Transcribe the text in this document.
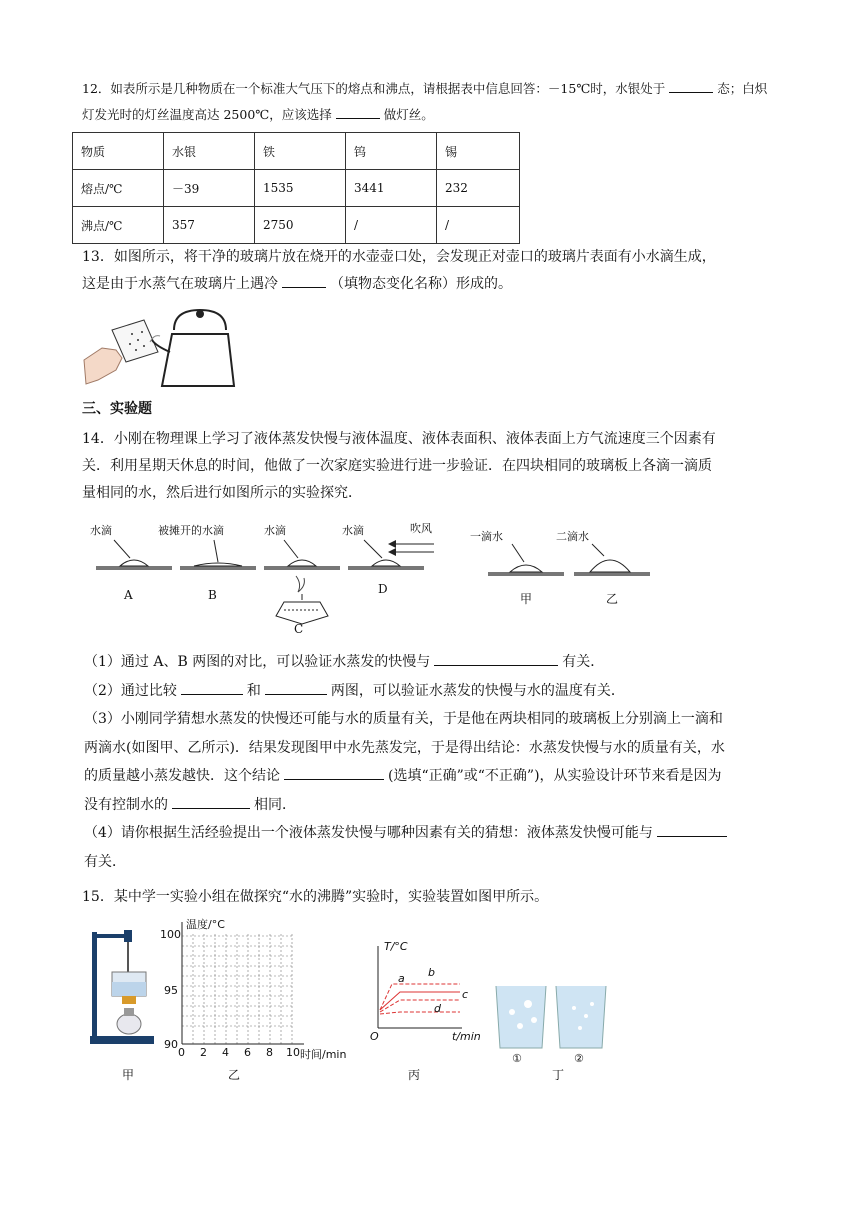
12．如表所示是几种物质在一个标准大气压下的熔点和沸点，请根据表中信息回答：－15℃时，水银处于	态；白炽
灯发光时的灯丝温度高达 2500℃，应该选择	做灯丝。
物质	水银	铁	钨	锡
熔点/℃	－39	1535	3441	232
沸点/℃	357	2750	/	/
13．如图所示，将干净的玻璃片放在烧开的水壶壶口处，会发现正对壶口的玻璃片表面有小水滴生成，
这是由于水蒸气在玻璃片上遇冷	（填物态变化名称）形成的。
三、实验题
14．小刚在物理课上学习了液体蒸发快慢与液体温度、液体表面积、液体表面上方气流速度三个因素有
关．利用星期天休息的时间，他做了一次家庭实验进行进一步验证．在四块相同的玻璃板上各滴一滴质
量相同的水，然后进行如图所示的实验探究．
水滴	被摊开的水滴	水滴	水滴	吹风
一滴水	二滴水
A	B
C
D
甲	乙
（1）通过 A、B 两图的对比，可以验证水蒸发的快慢与	有关．
（2）通过比较	和	两图，可以验证水蒸发的快慢与水的温度有关．
（3）小刚同学猜想水蒸发的快慢还可能与水的质量有关，于是他在两块相同的玻璃板上分别滴上一滴和
两滴水(如图甲、乙所示)．结果发现图甲中水先蒸发完，于是得出结论：水蒸发快慢与水的质量有关，水
的质量越小蒸发越快．这个结论	(选填“正确”或“不正确”)，从实验设计环节来看是因为
没有控制水的	相同．
（4）请你根据生活经验提出一个液体蒸发快慢与哪种因素有关的猜想：液体蒸发快慢可能与
有关．
15．某中学一实验小组在做探究“水的沸腾”实验时，实验装置如图甲所示。
温度/°C
100
95
90
0 2 4 6 8 10 时间/min
T/°C
O	t/min
a b
c
d
①	②
甲	乙	丙	丁
